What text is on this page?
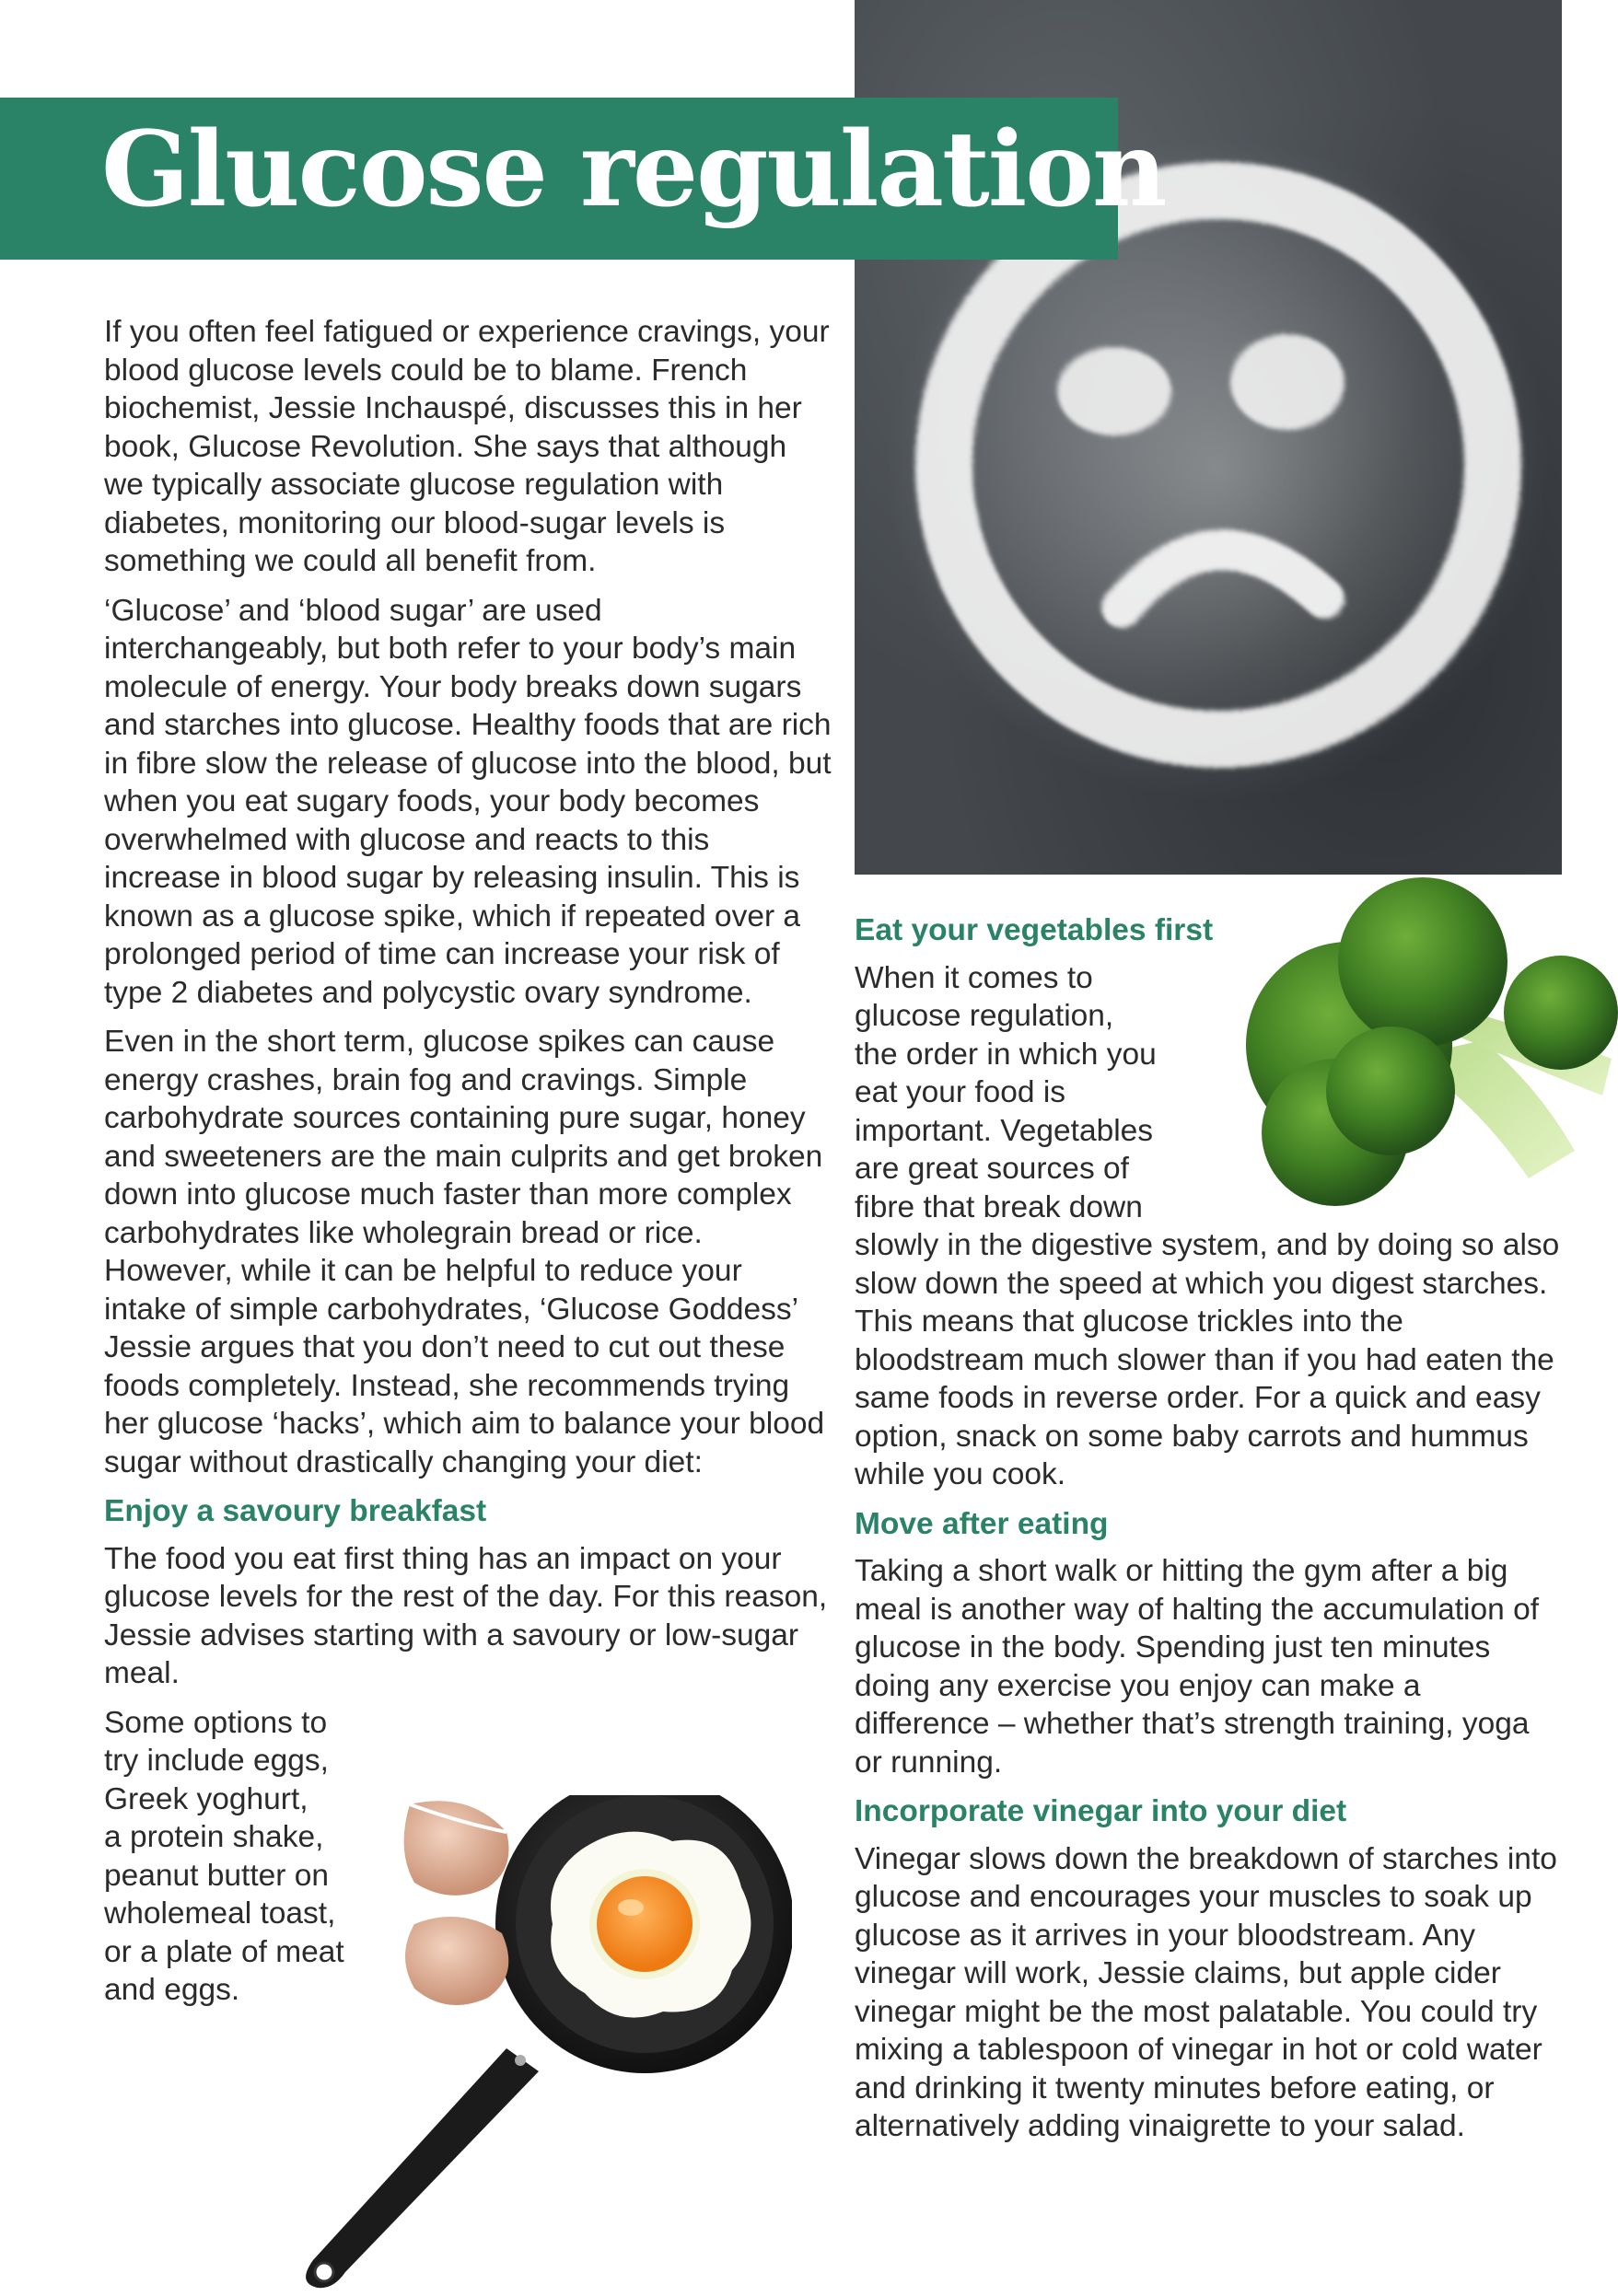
Glucose regulation

If you often feel fatigued or experience cravings, your blood glucose levels could be to blame. French biochemist, Jessie Inchauspé, discusses this in her book, Glucose Revolution. She says that although we typically associate glucose regulation with diabetes, monitoring our blood-sugar levels is something we could all benefit from.

‘Glucose’ and ‘blood sugar’ are used interchangeably, but both refer to your body’s main molecule of energy. Your body breaks down sugars and starches into glucose. Healthy foods that are rich in fibre slow the release of glucose into the blood, but when you eat sugary foods, your body becomes overwhelmed with glucose and reacts to this increase in blood sugar by releasing insulin. This is known as a glucose spike, which if repeated over a prolonged period of time can increase your risk of type 2 diabetes and polycystic ovary syndrome.

Even in the short term, glucose spikes can cause energy crashes, brain fog and cravings. Simple carbohydrate sources containing pure sugar, honey and sweeteners are the main culprits and get broken down into glucose much faster than more complex carbohydrates like wholegrain bread or rice. However, while it can be helpful to reduce your intake of simple carbohydrates, ‘Glucose Goddess’ Jessie argues that you don’t need to cut out these foods completely. Instead, she recommends trying her glucose ‘hacks’, which aim to balance your blood sugar without drastically changing your diet:

Enjoy a savoury breakfast

The food you eat first thing has an impact on your glucose levels for the rest of the day. For this reason, Jessie advises starting with a savoury or low-sugar meal.

Some options to
try include eggs,
Greek yoghurt,
a protein shake,
peanut butter on
wholemeal toast,
or a plate of meat
and eggs.
Eat your vegetables first

When it comes to glucose regulation, the order in which you eat your food is important. Vegetables are great sources of fibre that break down slowly in the digestive system, and by doing so also slow down the speed at which you digest starches. This means that glucose trickles into the bloodstream much slower than if you had eaten the same foods in reverse order. For a quick and easy option, snack on some baby carrots and hummus while you cook.

Move after eating

Taking a short walk or hitting the gym after a big meal is another way of halting the accumulation of glucose in the body. Spending just ten minutes doing any exercise you enjoy can make a difference – whether that’s strength training, yoga or running.

Incorporate vinegar into your diet

Vinegar slows down the breakdown of starches into glucose and encourages your muscles to soak up glucose as it arrives in your bloodstream. Any vinegar will work, Jessie claims, but apple cider vinegar might be the most palatable. You could try mixing a tablespoon of vinegar in hot or cold water and drinking it twenty minutes before eating, or alternatively adding vinaigrette to your salad.
